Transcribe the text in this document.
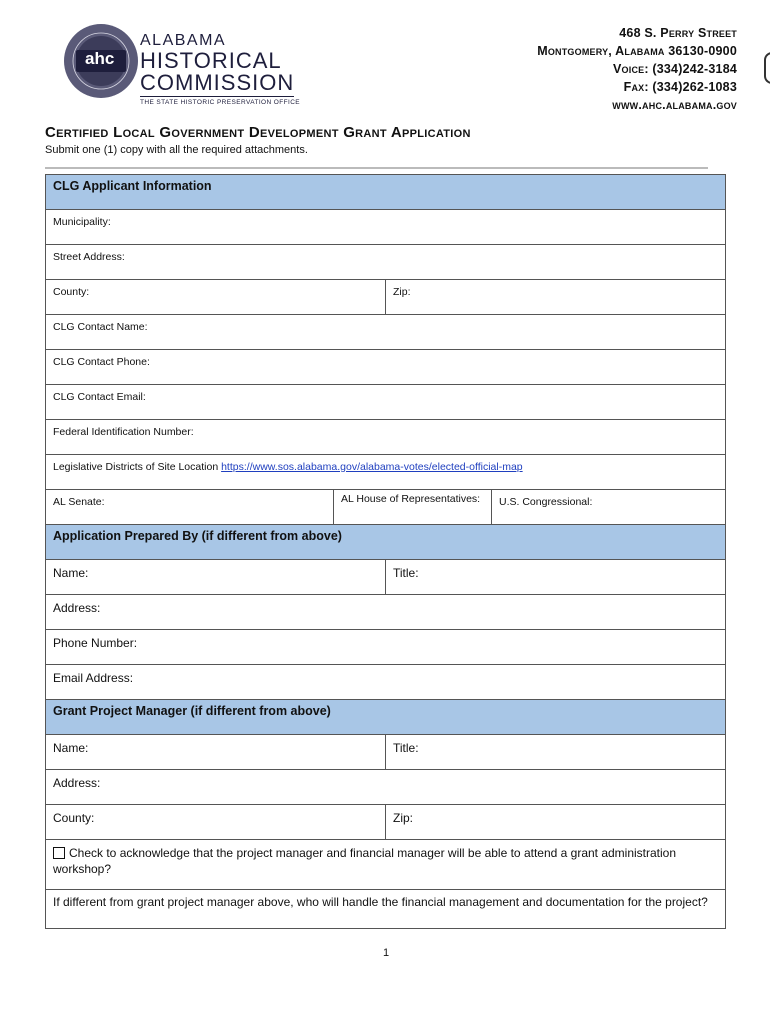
ahc
ALABAMA
HISTORICAL
COMMISSION
THE STATE HISTORIC PRESERVATION OFFICE
468 S. Perry Street
Montgomery, Alabama 36130-0900
Voice: (334)242-3184
Fax: (334)262-1083
www.ahc.alabama.gov
Certified Local Government Development Grant Application
Submit one (1) copy with all the required attachments.
CLG Applicant Information
Municipality:
Street Address:
County:	Zip:
CLG Contact Name:
CLG Contact Phone:
CLG Contact Email:
Federal Identification Number:
Legislative Districts of Site Location https://www.sos.alabama.gov/alabama-votes/elected-official-map
AL Senate:	AL House of Representatives:	U.S. Congressional:
Application Prepared By (if different from above)
Name:	Title:
Address:
Phone Number:
Email Address:
Grant Project Manager (if different from above)
Name:	Title:
Address:
County:	Zip:
Check to acknowledge that the project manager and financial manager will be able to attend a grant administration workshop?
If different from grant project manager above, who will handle the financial management and documentation for the project?
1
